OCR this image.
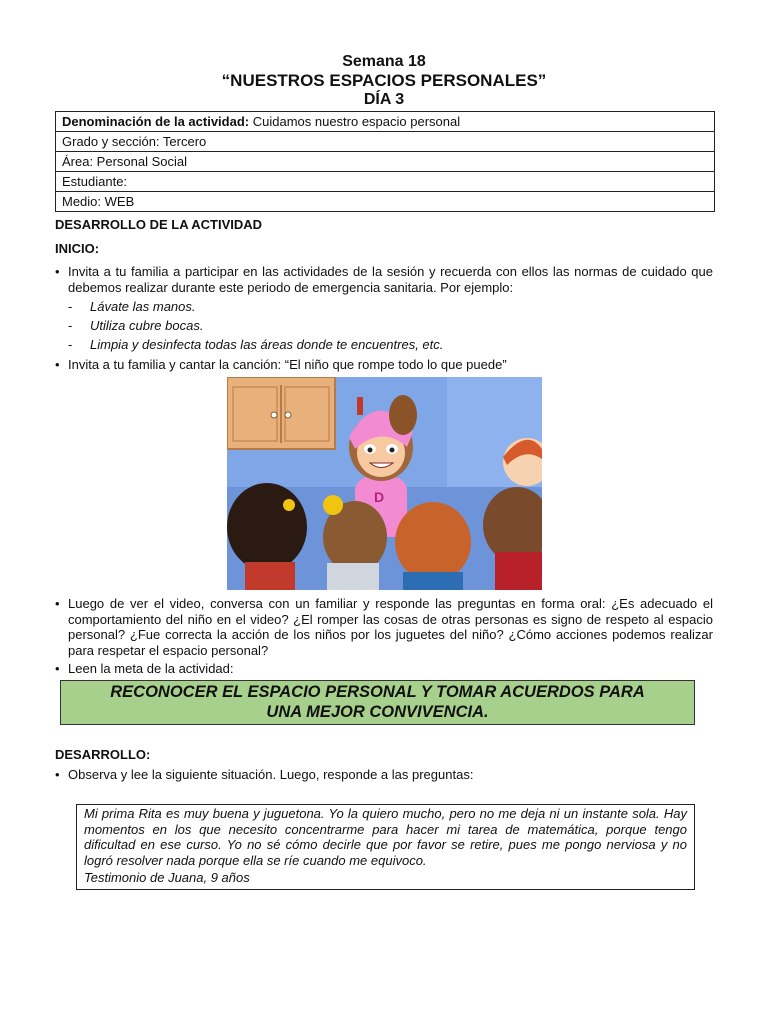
Semana 18
“NUESTROS ESPACIOS PERSONALES”
DÍA 3
Denominación de la actividad: Cuidamos nuestro espacio personal
Grado y sección: Tercero
Área: Personal Social
Estudiante:
Medio: WEB
DESARROLLO DE LA ACTIVIDAD
INICIO:
• Invita a tu familia a participar en las actividades de la sesión y recuerda con ellos las normas de cuidado que debemos realizar durante este periodo de emergencia sanitaria. Por ejemplo:
- Lávate las manos.
- Utiliza cubre bocas.
- Limpia y desinfecta todas las áreas donde te encuentres, etc.
• Invita a tu familia y cantar la canción: “El niño que rompe todo lo que puede”
D
• Luego de ver el video, conversa con un familiar y responde las preguntas en forma oral: ¿Es adecuado el comportamiento del niño en el video? ¿El romper las cosas de otras personas es signo de respeto al espacio personal? ¿Fue correcta la acción de los niños por los juguetes del niño? ¿Cómo acciones podemos realizar para respetar el espacio personal?
• Leen la meta de la actividad:
RECONOCER EL ESPACIO PERSONAL Y TOMAR ACUERDOS PARA
UNA MEJOR CONVIVENCIA.
DESARROLLO:
• Observa y lee la siguiente situación. Luego, responde a las preguntas:
Mi prima Rita es muy buena y juguetona. Yo la quiero mucho, pero no me deja ni un instante sola. Hay momentos en los que necesito concentrarme para hacer mi tarea de matemática, porque tengo dificultad en ese curso. Yo no sé cómo decirle que por favor se retire, pues me pongo nerviosa y no logró resolver nada porque ella se ríe cuando me equivoco.
Testimonio de Juana, 9 años
